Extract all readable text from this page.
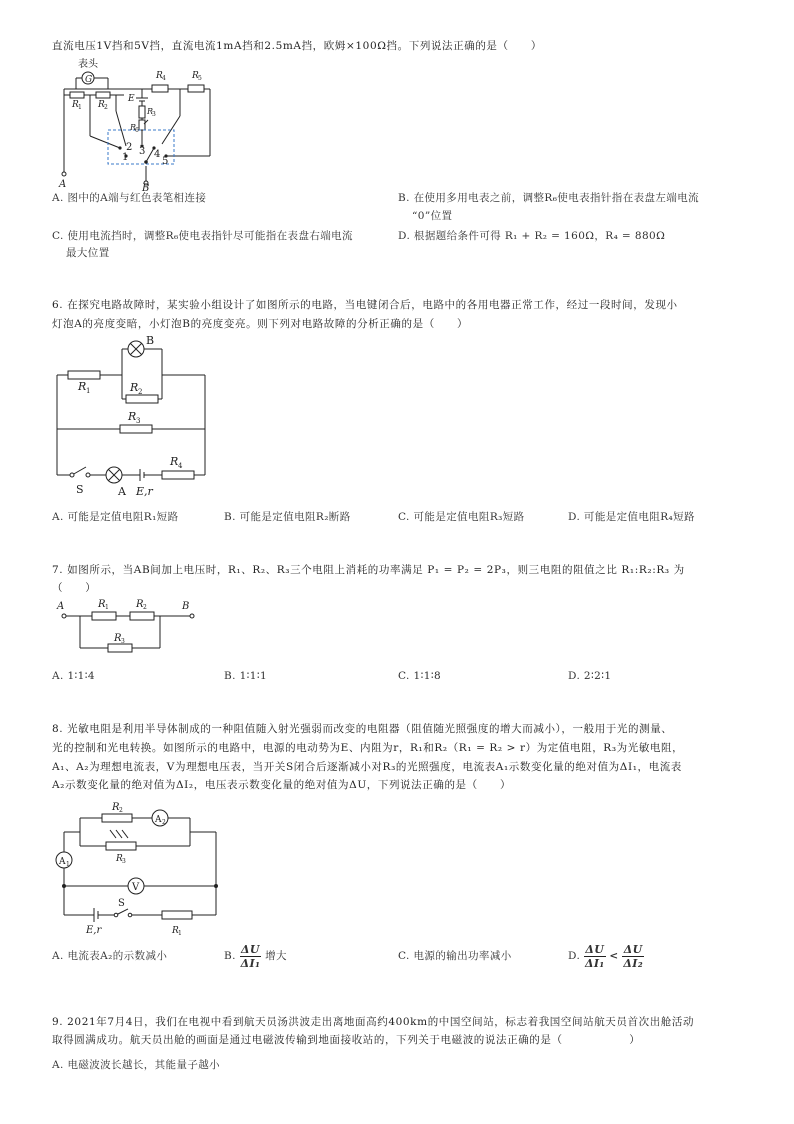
直流电压1V挡和5V挡，直流电流1mA挡和2.5mA挡，欧姆×100Ω挡。下列说法正确的是（　　）
表头
G
R 1 R 2
R 4	R 5
E
R
3
R
6
1
2 3 4
5
A	B
A. 图中的A端与红色表笔相连接	B. 在使用多用电表之前，调整R₆使电表指针指在表盘左端电流
“0”位置
C. 使用电流挡时，调整R₆使电表指针尽可能指在表盘右端电流
最大位置
D. 根据题给条件可得 R₁ + R₂ = 160Ω，R₄ = 880Ω
6. 在探究电路故障时，某实验小组设计了如图所示的电路，当电键闭合后，电路中的各用电器正常工作，经过一段时间，发现小
灯泡A的亮度变暗，小灯泡B的亮度变亮。则下列对电路故障的分析正确的是（　　）
B
R 1	R 2
R 3
R 4
S	A E,r
A. 可能是定值电阻R₁短路	B. 可能是定值电阻R₂断路	C. 可能是定值电阻R₃短路	D. 可能是定值电阻R₄短路
7. 如图所示，当AB间加上电压时，R₁、R₂、R₃三个电阻上消耗的功率满足 P₁ = P₂ = 2P₃，则三电阻的阻值之比 R₁:R₂:R₃ 为
（　　）
A	B
R 1	R 2
R 3
A. 1∶1∶4	B. 1∶1∶1	C. 1∶1∶8	D. 2∶2∶1
8. 光敏电阻是利用半导体制成的一种阻值随入射光强弱而改变的电阻器（阻值随光照强度的增大而减小），一般用于光的测量、
光的控制和光电转换。如图所示的电路中，电源的电动势为E、内阻为r，R₁和R₂（R₁ = R₂ > r）为定值电阻，R₃为光敏电阻，
A₁、A₂为理想电流表，V为理想电压表，当开关S闭合后逐渐减小对R₃的光照强度，电流表A₁示数变化量的绝对值为ΔI₁，电流表
A₂示数变化量的绝对值为ΔI₂，电压表示数变化量的绝对值为ΔU，下列说法正确的是（　　）
R 2
A 2
A 1
R 3
V
E,r
S
R 1
A. 电流表A₂的示数减小	B. $\frac{\Delta U}{\text{ΔI₁}}$ 增大	C. 电源的输出功率减小	D. $\frac{\Delta U}{\text{ΔI₁}} < \frac{\Delta U}{\text{ΔI₂}}$
9. 2021年7月4日，我们在电视中看到航天员汤洪波走出离地面高约400km的中国空间站，标志着我国空间站航天员首次出舱活动
取得圆满成功。航天员出舱的画面是通过电磁波传输到地面接收站的，下列关于电磁波的说法正确的是（　　　　　　）
A. 电磁波波长越长，其能量子越小
